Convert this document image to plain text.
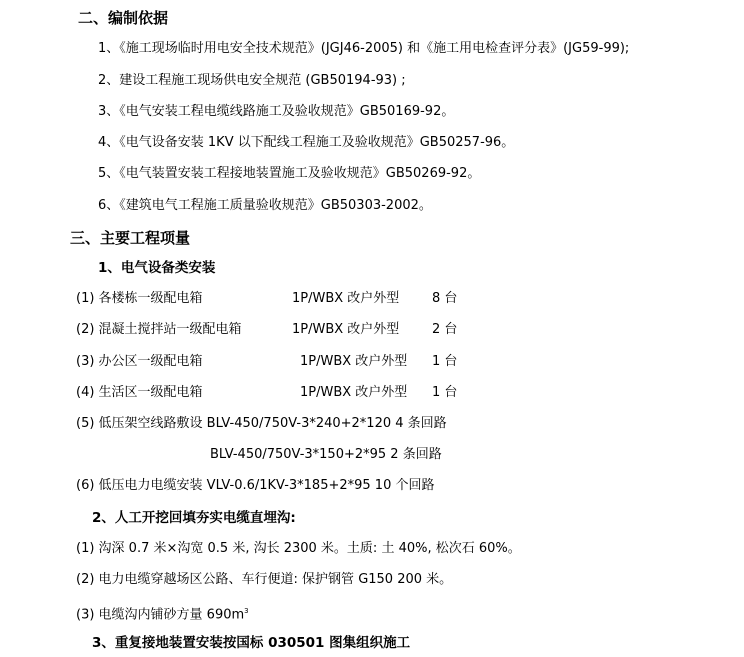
二、编制依据
1、《施工现场临时用电安全技术规范》(JGJ46-2005) 和《施工用电检查评分表》(JG59-99);
2、建设工程施工现场供电安全规范 (GB50194-93) ;
3、《电气安装工程电缆线路施工及验收规范》GB50169-92。
4、《电气设备安装 1KV 以下配线工程施工及验收规范》GB50257-96。
5、《电气装置安装工程接地装置施工及验收规范》GB50269-92。
6、《建筑电气工程施工质量验收规范》GB50303-2002。
三、主要工程项量
1、电气设备类安装
(1) 各楼栋一级配电箱	1P/WBX 改户外型	8 台
(2) 混凝土搅拌站一级配电箱	1P/WBX 改户外型	2 台
(3) 办公区一级配电箱	1P/WBX 改户外型 1 台
(4) 生活区一级配电箱	1P/WBX 改户外型 1 台
(5) 低压架空线路敷设 BLV-450/750V-3*240+2*120 4 条回路
BLV-450/750V-3*150+2*95 2 条回路
(6) 低压电力电缆安装 VLV-0.6/1KV-3*185+2*95 10 个回路
2、人工开挖回填夯实电缆直埋沟:
(1) 沟深 0.7 米×沟宽 0.5 米, 沟长 2300 米。土质: 土 40%, 松次石 60%。
(2) 电力电缆穿越场区公路、车行便道: 保护钢管 G150 200 米。
(3) 电缆沟内铺砂方量 $690m^3$
3、重复接地装置安装按国标 030501 图集组织施工
